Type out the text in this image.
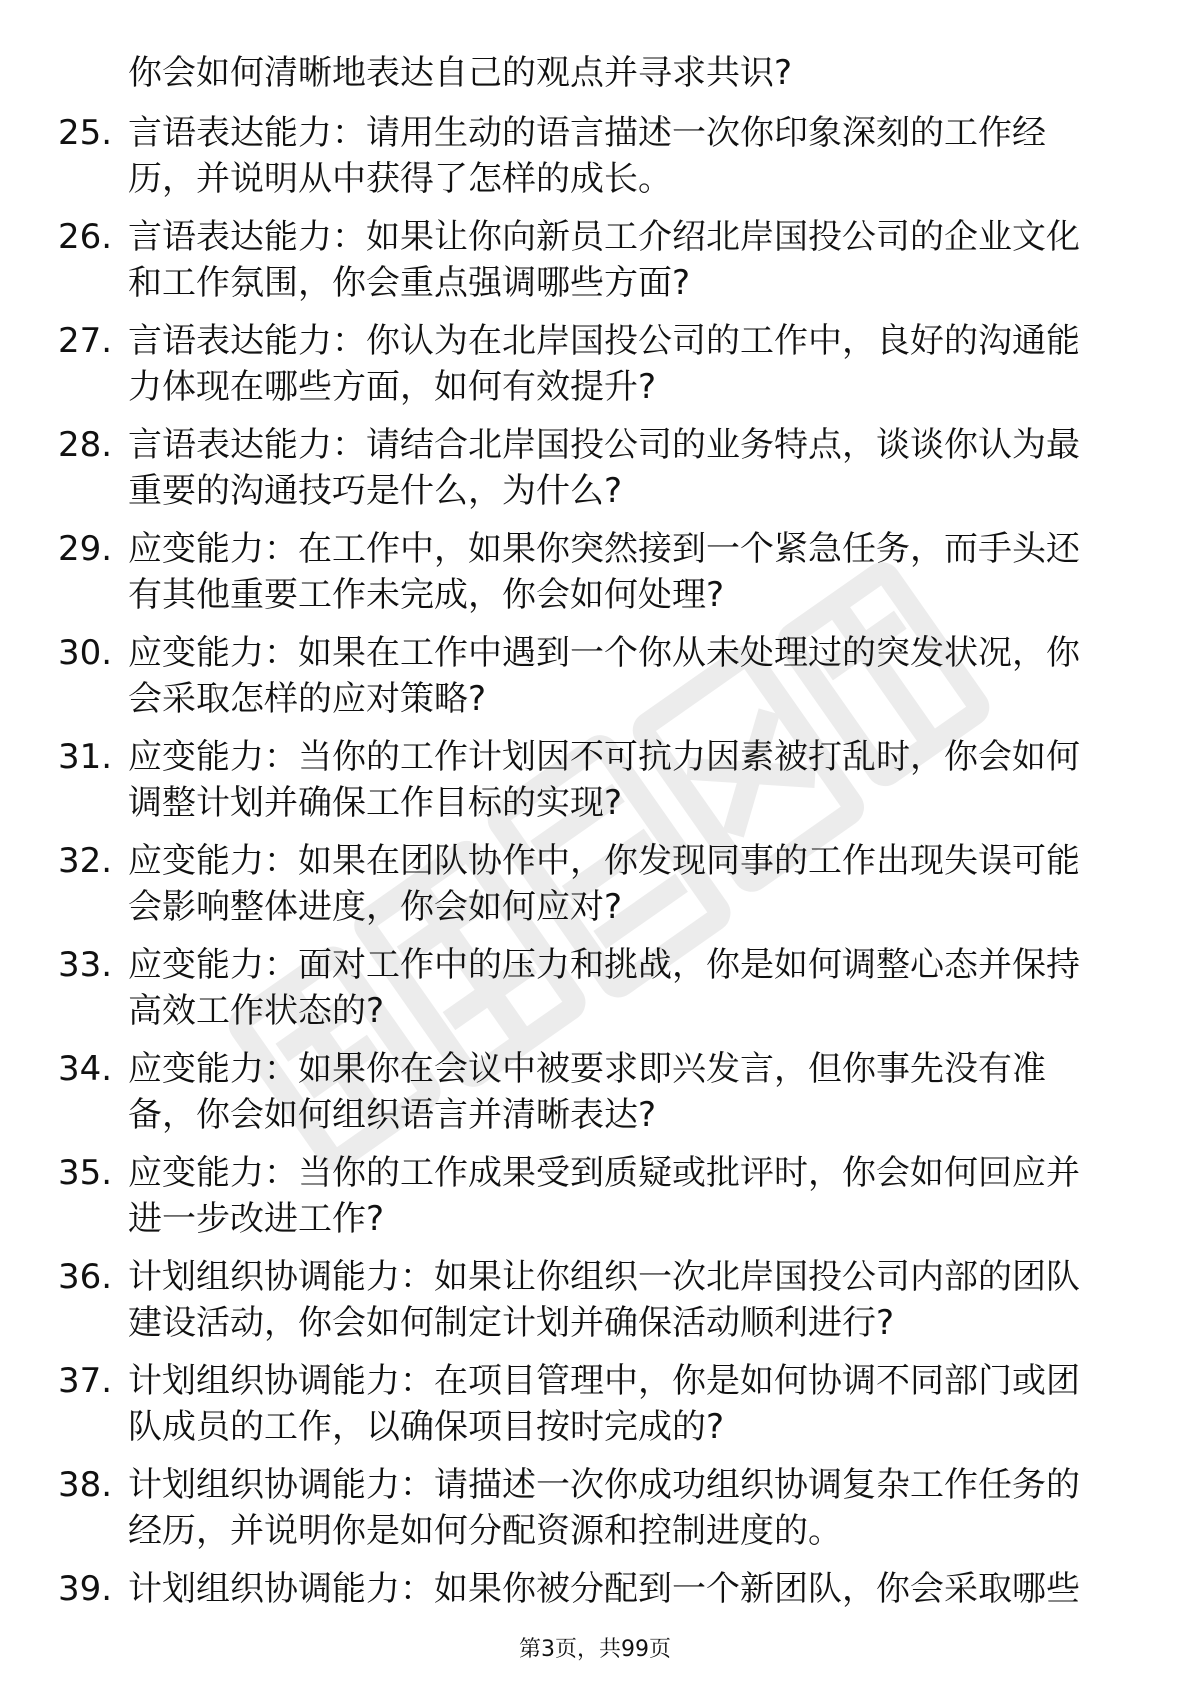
你会如何清晰地表达自己的观点并寻求共识?
25. 言语表达能力：请用生动的语言描述一次你印象深刻的工作经
历，并说明从中获得了怎样的成长。
26. 言语表达能力：如果让你向新员工介绍北岸国投公司的企业文化
和工作氛围，你会重点强调哪些方面?
27. 言语表达能力：你认为在北岸国投公司的工作中，良好的沟通能
力体现在哪些方面，如何有效提升?
28. 言语表达能力：请结合北岸国投公司的业务特点，谈谈你认为最
重要的沟通技巧是什么，为什么?
29. 应变能力：在工作中，如果你突然接到一个紧急任务，而手头还
有其他重要工作未完成，你会如何处理?
30. 应变能力：如果在工作中遇到一个你从未处理过的突发状况，你
会采取怎样的应对策略?
31. 应变能力：当你的工作计划因不可抗力因素被打乱时，你会如何
调整计划并确保工作目标的实现?
32. 应变能力：如果在团队协作中，你发现同事的工作出现失误可能
会影响整体进度，你会如何应对?
33. 应变能力：面对工作中的压力和挑战，你是如何调整心态并保持
高效工作状态的?
34. 应变能力：如果你在会议中被要求即兴发言，但你事先没有准
备，你会如何组织语言并清晰表达?
35. 应变能力：当你的工作成果受到质疑或批评时，你会如何回应并
进一步改进工作?
36. 计划组织协调能力：如果让你组织一次北岸国投公司内部的团队
建设活动，你会如何制定计划并确保活动顺利进行?
37. 计划组织协调能力：在项目管理中，你是如何协调不同部门或团
队成员的工作，以确保项目按时完成的?
38. 计划组织协调能力：请描述一次你成功组织协调复杂工作任务的
经历，并说明你是如何分配资源和控制进度的。
39. 计划组织协调能力：如果你被分配到一个新团队，你会采取哪些
第3页，共99页
